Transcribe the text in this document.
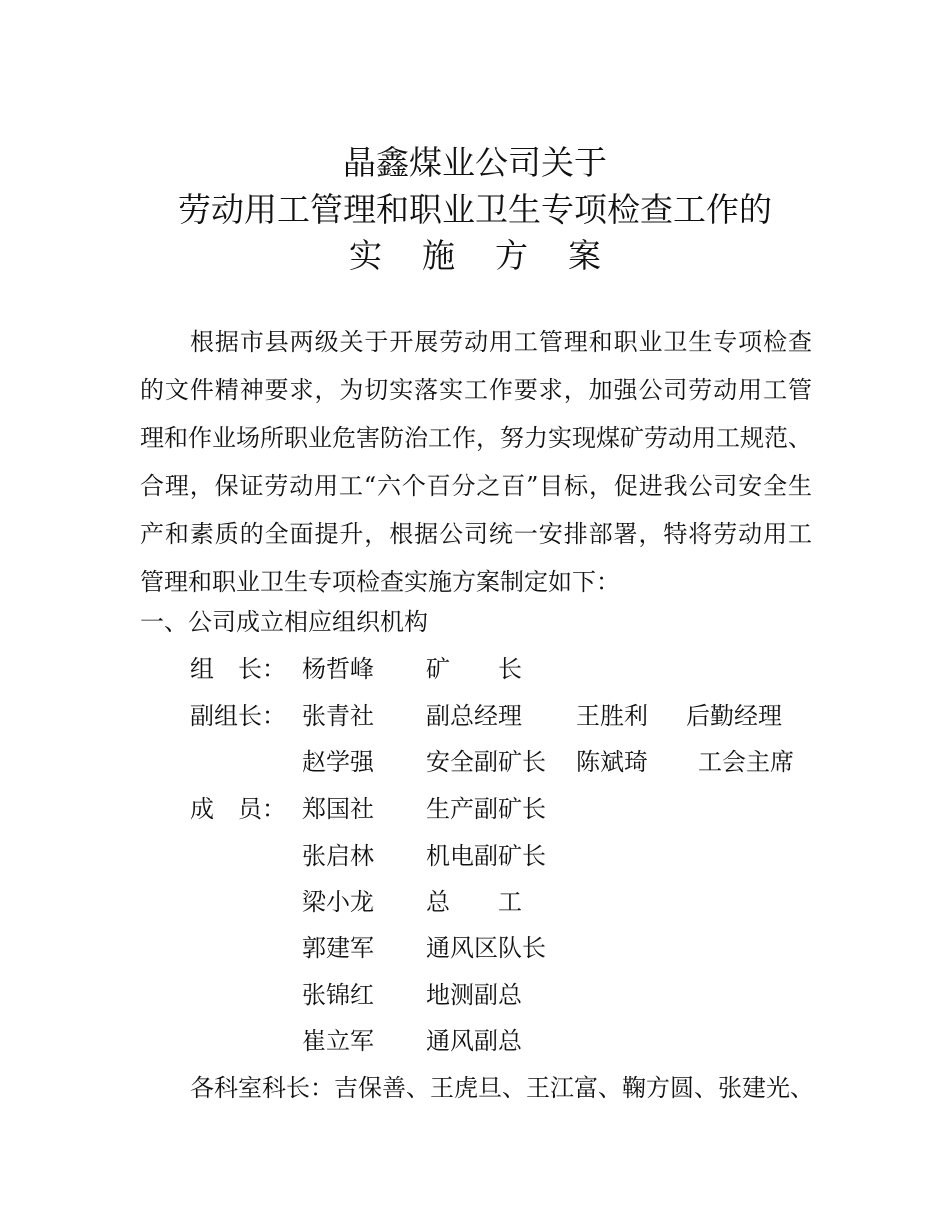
晶鑫煤业公司关于
劳动用工管理和职业卫生专项检查工作的
实 施 方 案
根据市县两级关于开展劳动用工管理和职业卫生专项检查
的文件精神要求，为切实落实工作要求，加强公司劳动用工管
理和作业场所职业危害防治工作，努力实现煤矿劳动用工规范、
合理，保证劳动用工“六个百分之百”目标，促进我公司安全生
产和素质的全面提升，根据公司统一安排部署，特将劳动用工
管理和职业卫生专项检查实施方案制定如下：
一、公司成立相应组织机构
组　长： 杨哲峰 矿　　长
副组长： 张青社 副总经理 王胜利 后勤经理
赵学强 安全副矿长 陈斌琦 工会主席
成　员： 郑国社 生产副矿长
张启林 机电副矿长
梁小龙 总　　工
郭建军 通风区队长
张锦红 地测副总
崔立军 通风副总
各科室科长：吉保善、王虎旦、王江富、鞠方圆、张建光、
